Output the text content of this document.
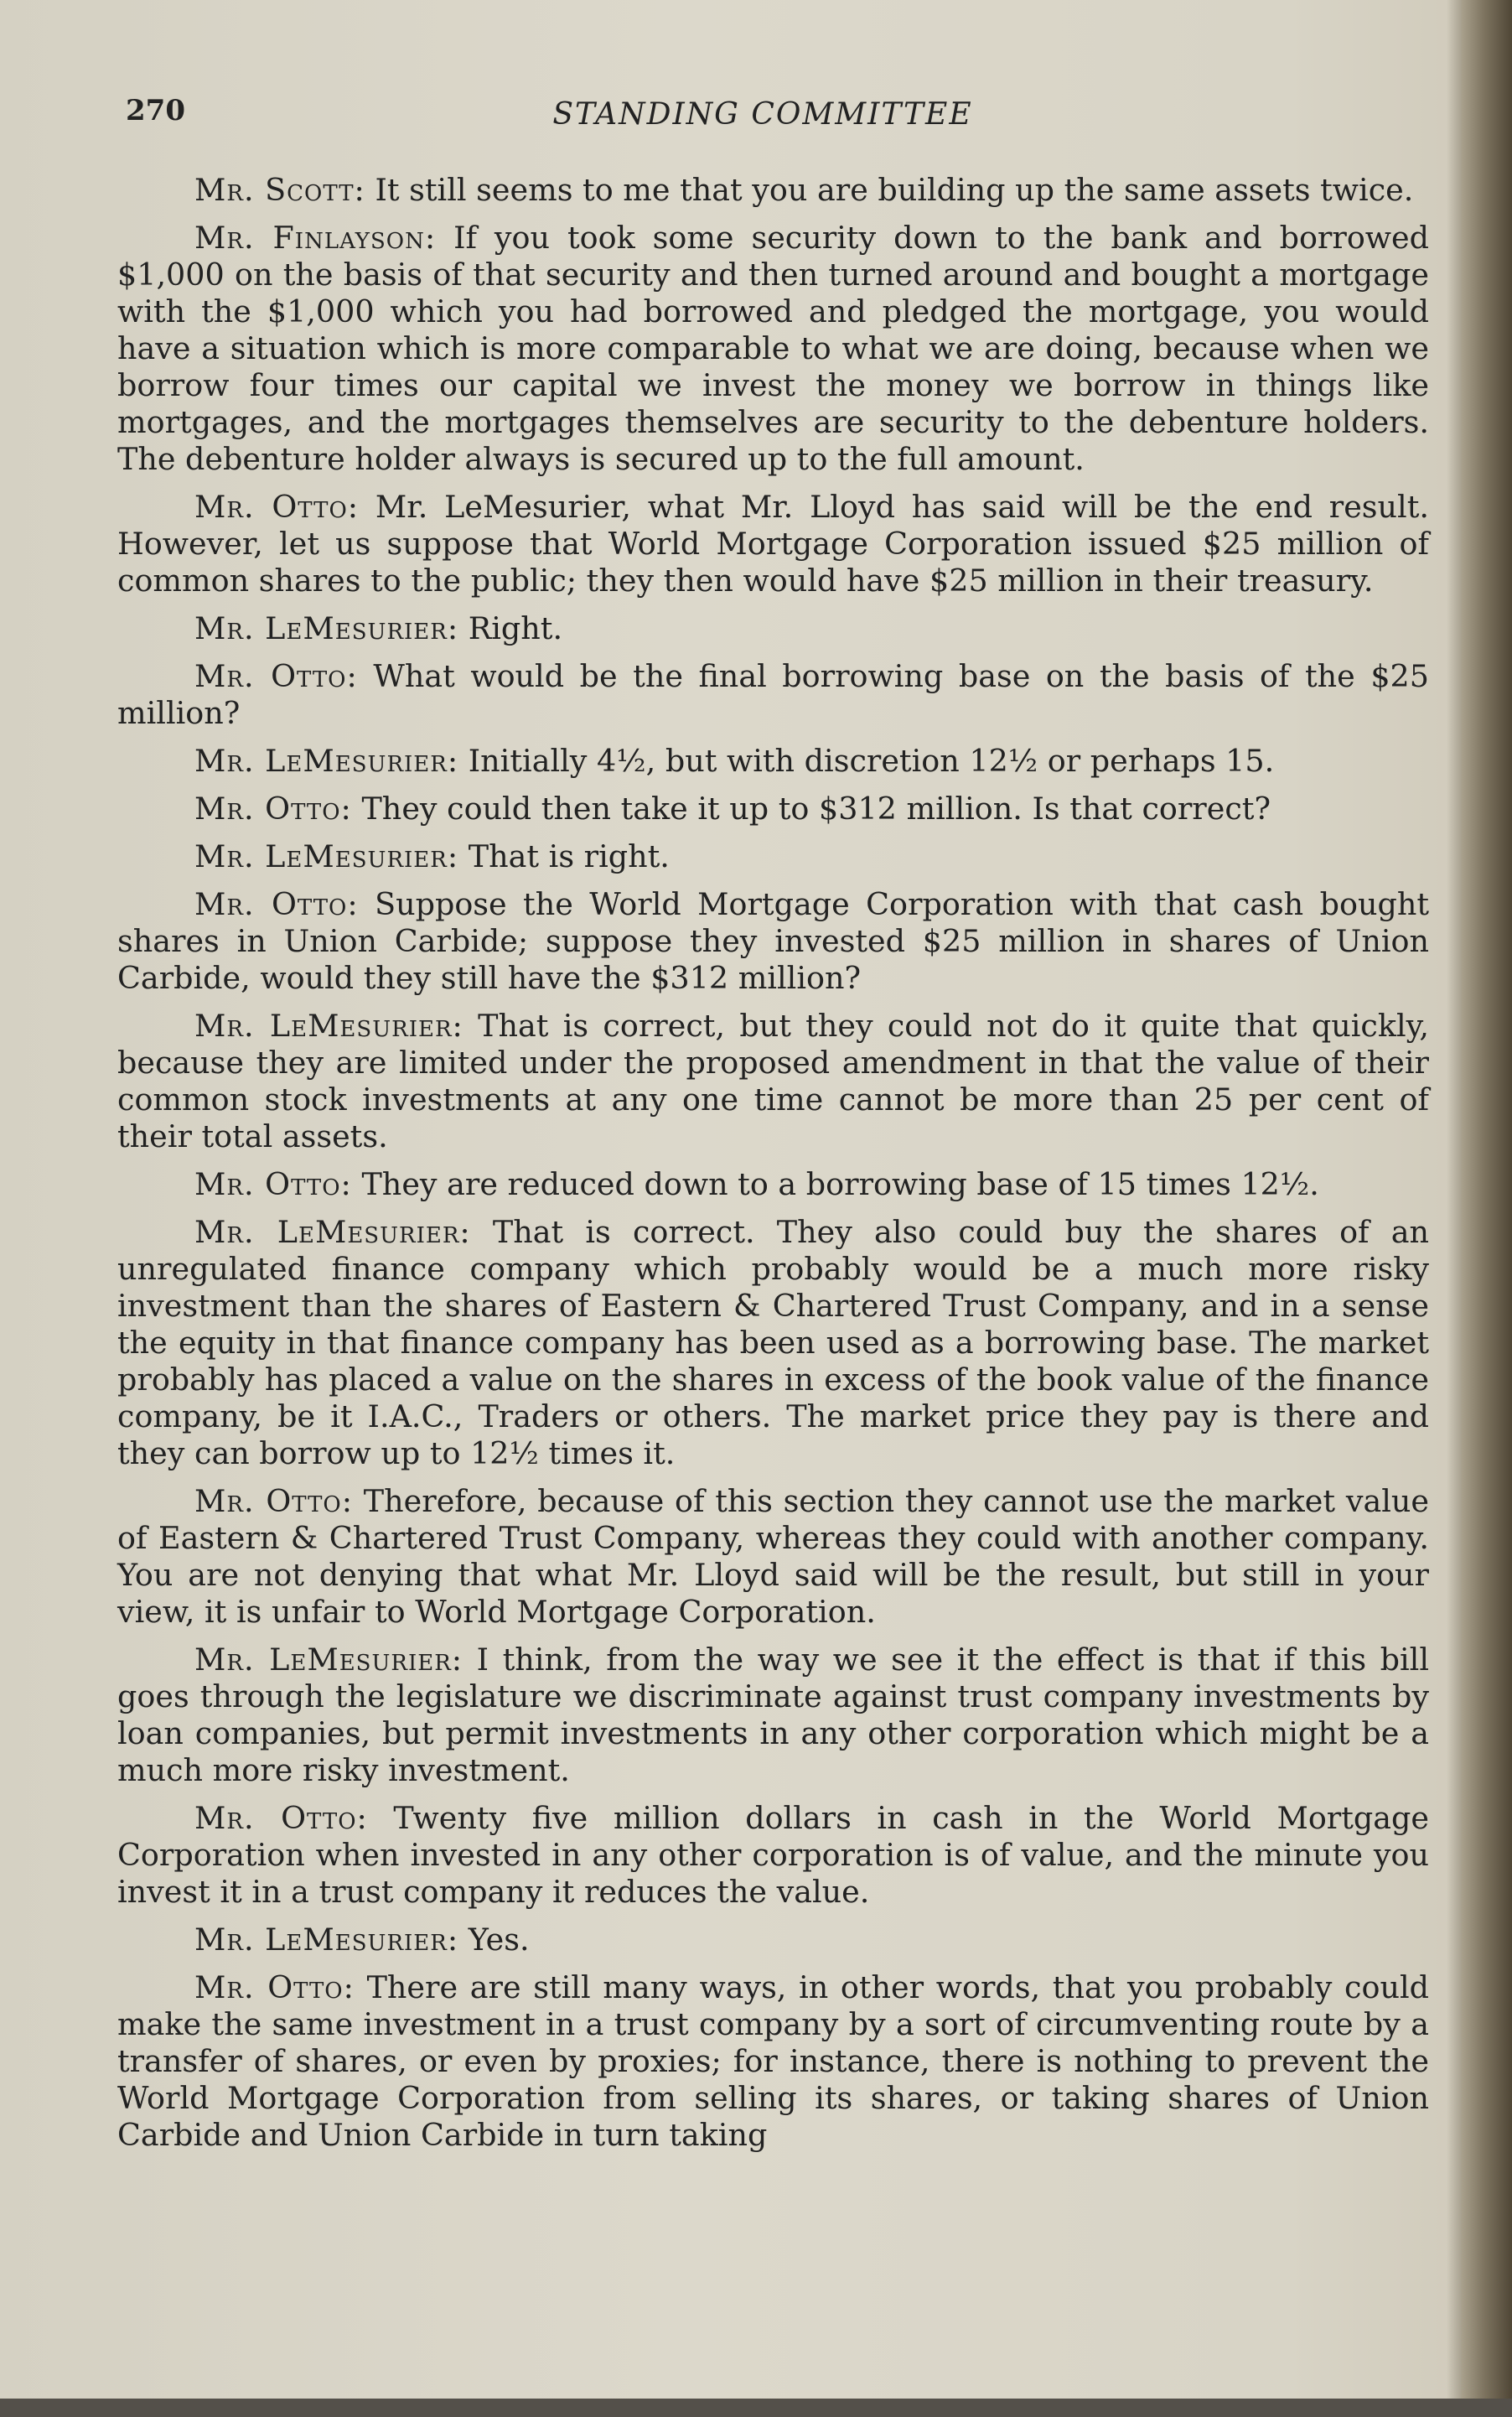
270	STANDING COMMITTEE

Mr. Scott: It still seems to me that you are building up the same assets twice.

Mr. Finlayson: If you took some security down to the bank and borrowed $1,000 on the basis of that security and then turned around and bought a mortgage with the $1,000 which you had borrowed and pledged the mortgage, you would have a situation which is more comparable to what we are doing, because when we borrow four times our capital we invest the money we borrow in things like mortgages, and the mortgages themselves are security to the debenture holders. The debenture holder always is secured up to the full amount.

Mr. Otto: Mr. LeMesurier, what Mr. Lloyd has said will be the end result. However, let us suppose that World Mortgage Corporation issued $25 million of common shares to the public; they then would have $25 million in their treasury.

Mr. LeMesurier: Right.

Mr. Otto: What would be the final borrowing base on the basis of the $25 million?

Mr. LeMesurier: Initially 4½, but with discretion 12½ or perhaps 15.

Mr. Otto: They could then take it up to $312 million. Is that correct?

Mr. LeMesurier: That is right.

Mr. Otto: Suppose the World Mortgage Corporation with that cash bought shares in Union Carbide; suppose they invested $25 million in shares of Union Carbide, would they still have the $312 million?

Mr. LeMesurier: That is correct, but they could not do it quite that quickly, because they are limited under the proposed amendment in that the value of their common stock investments at any one time cannot be more than 25 per cent of their total assets.

Mr. Otto: They are reduced down to a borrowing base of 15 times 12½.

Mr. LeMesurier: That is correct. They also could buy the shares of an unregulated finance company which probably would be a much more risky investment than the shares of Eastern & Chartered Trust Company, and in a sense the equity in that finance company has been used as a borrowing base. The market probably has placed a value on the shares in excess of the book value of the finance company, be it I.A.C., Traders or others. The market price they pay is there and they can borrow up to 12½ times it.

Mr. Otto: Therefore, because of this section they cannot use the market value of Eastern & Chartered Trust Company, whereas they could with another company. You are not denying that what Mr. Lloyd said will be the result, but still in your view, it is unfair to World Mortgage Corporation.

Mr. LeMesurier: I think, from the way we see it the effect is that if this bill goes through the legislature we discriminate against trust company investments by loan companies, but permit investments in any other corporation which might be a much more risky investment.

Mr. Otto: Twenty five million dollars in cash in the World Mortgage Corporation when invested in any other corporation is of value, and the minute you invest it in a trust company it reduces the value.

Mr. LeMesurier: Yes.

Mr. Otto: There are still many ways, in other words, that you probably could make the same investment in a trust company by a sort of circumventing route by a transfer of shares, or even by proxies; for instance, there is nothing to prevent the World Mortgage Corporation from selling its shares, or taking shares of Union Carbide and Union Carbide in turn taking
